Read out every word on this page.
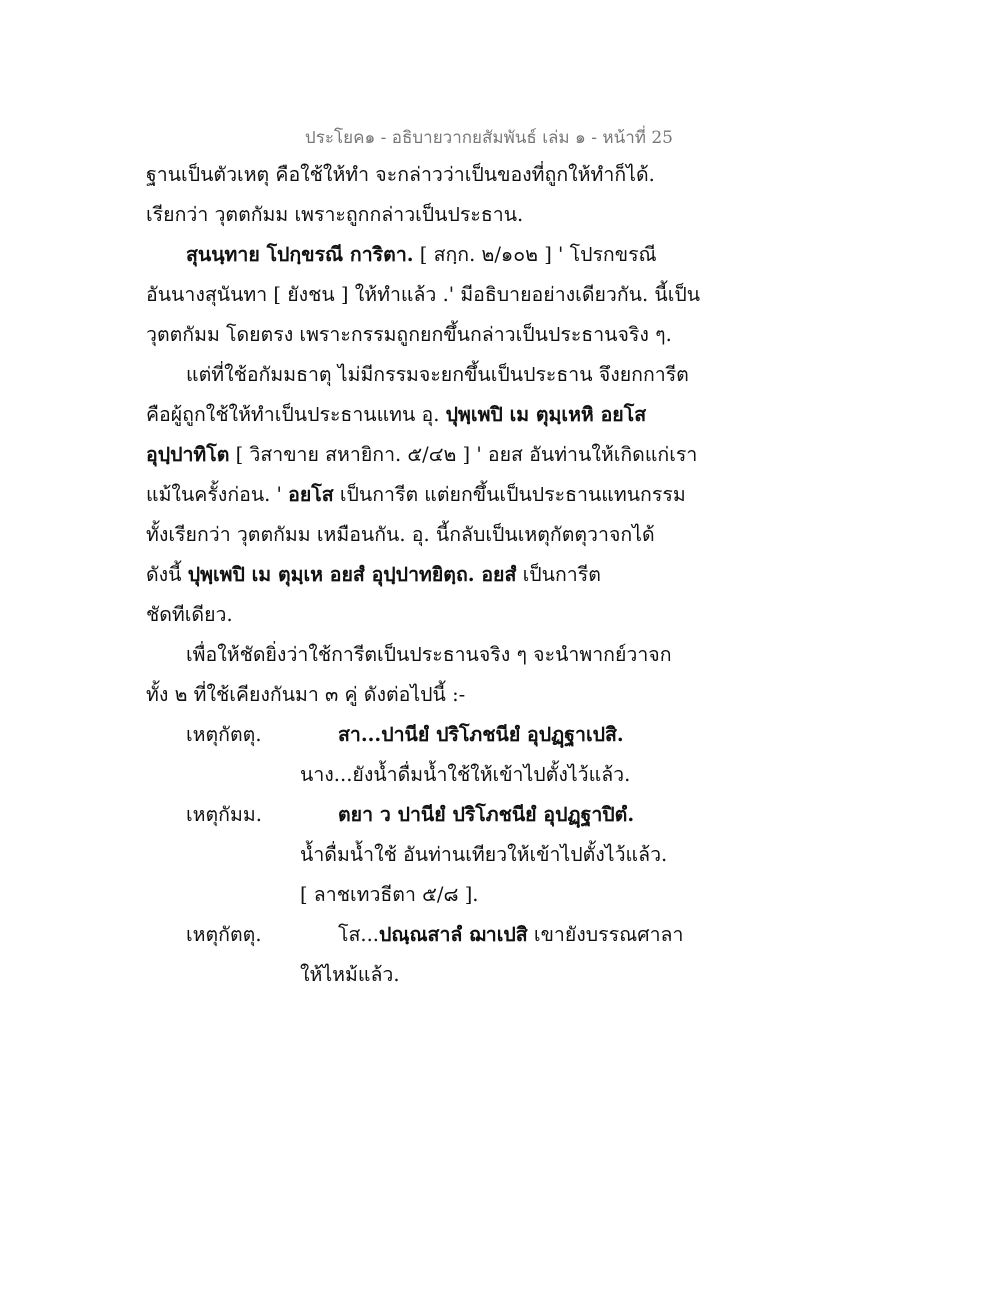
ประโยค๑ - อธิบายวากยสัมพันธ์ เล่ม ๑ - หน้าที่ 25
ฐานเป็นตัวเหตุ คือใช้ให้ทำ จะกล่าวว่าเป็นของที่ถูกให้ทำก็ได้.
เรียกว่า วุตตกัมม เพราะถูกกล่าวเป็นประธาน.
สุนนฺทาย โปกฺขรณี การิตา. [ สกฺก. ๒/๑๐๒ ] ' โปรกขรณี
อันนางสุนันทา [ ยังชน ] ให้ทำแล้ว .' มีอธิบายอย่างเดียวกัน. นี้เป็น
วุตตกัมม โดยตรง เพราะกรรมถูกยกขึ้นกล่าวเป็นประธานจริง ๆ.
แต่ที่ใช้อกัมมธาตุ ไม่มีกรรมจะยกขึ้นเป็นประธาน จึงยกการีต
คือผู้ถูกใช้ให้ทำเป็นประธานแทน อุ. ปุพฺเพปิ เม ตุมฺเหหิ อยโส
อุปฺปาทิโต [ วิสาขาย สหายิกา. ๕/๔๒ ] ' อยส อันท่านให้เกิดแก่เรา
แม้ในครั้งก่อน. ' อยโส เป็นการีต แต่ยกขึ้นเป็นประธานแทนกรรม
ทั้งเรียกว่า วุตตกัมม เหมือนกัน. อุ. นี้กลับเป็นเหตุกัตตุวาจกได้
ดังนี้ ปุพฺเพปิ เม ตุมฺเห อยสํ อุปฺปาทยิตฺถ. อยสํ เป็นการีต
ชัดทีเดียว.
เพื่อให้ชัดยิ่งว่าใช้การีตเป็นประธานจริง ๆ จะนำพากย์วาจก
ทั้ง ๒ ที่ใช้เคียงกันมา ๓ คู่ ดังต่อไปนี้ :-
เหตุกัตตุ.	สา...ปานียํ ปริโภชนียํ อุปฏฺฐาเปสิ.
นาง...ยังน้ำดื่มน้ำใช้ให้เข้าไปตั้งไว้แล้ว.
เหตุกัมม.	ตยา ว ปานียํ ปริโภชนียํ อุปฏฺฐาปิตํ.
น้ำดื่มน้ำใช้ อันท่านเทียวให้เข้าไปตั้งไว้แล้ว.
[ ลาชเทวธีตา ๕/๘ ].
เหตุกัตตุ.	โส...ปณฺณสาลํ ฌาเปสิ เขายังบรรณศาลา
ให้ไหม้แล้ว.
